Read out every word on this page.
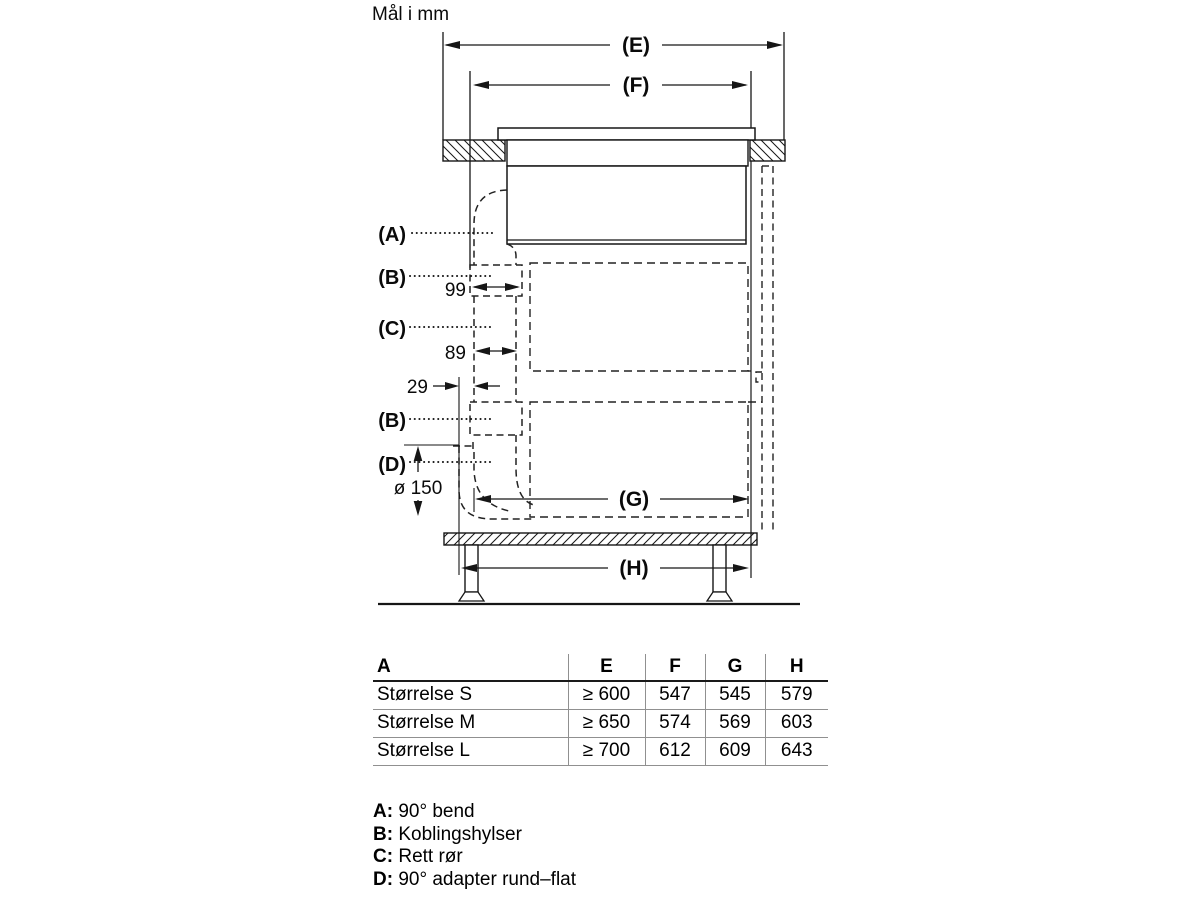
Mål i mm
(E)
(F)
(A)
(B)
(C)
(B)
(D)
99
89
29
ø 150	(G)
(H)
A	E	F	G	H
Størrelse S	≥ 600	547	545	579
Størrelse M	≥ 650	574	569	603
Størrelse L	≥ 700	612	609	643
A: 90° bend
B: Koblingshylser
C: Rett rør
D: 90° adapter rund–flat
